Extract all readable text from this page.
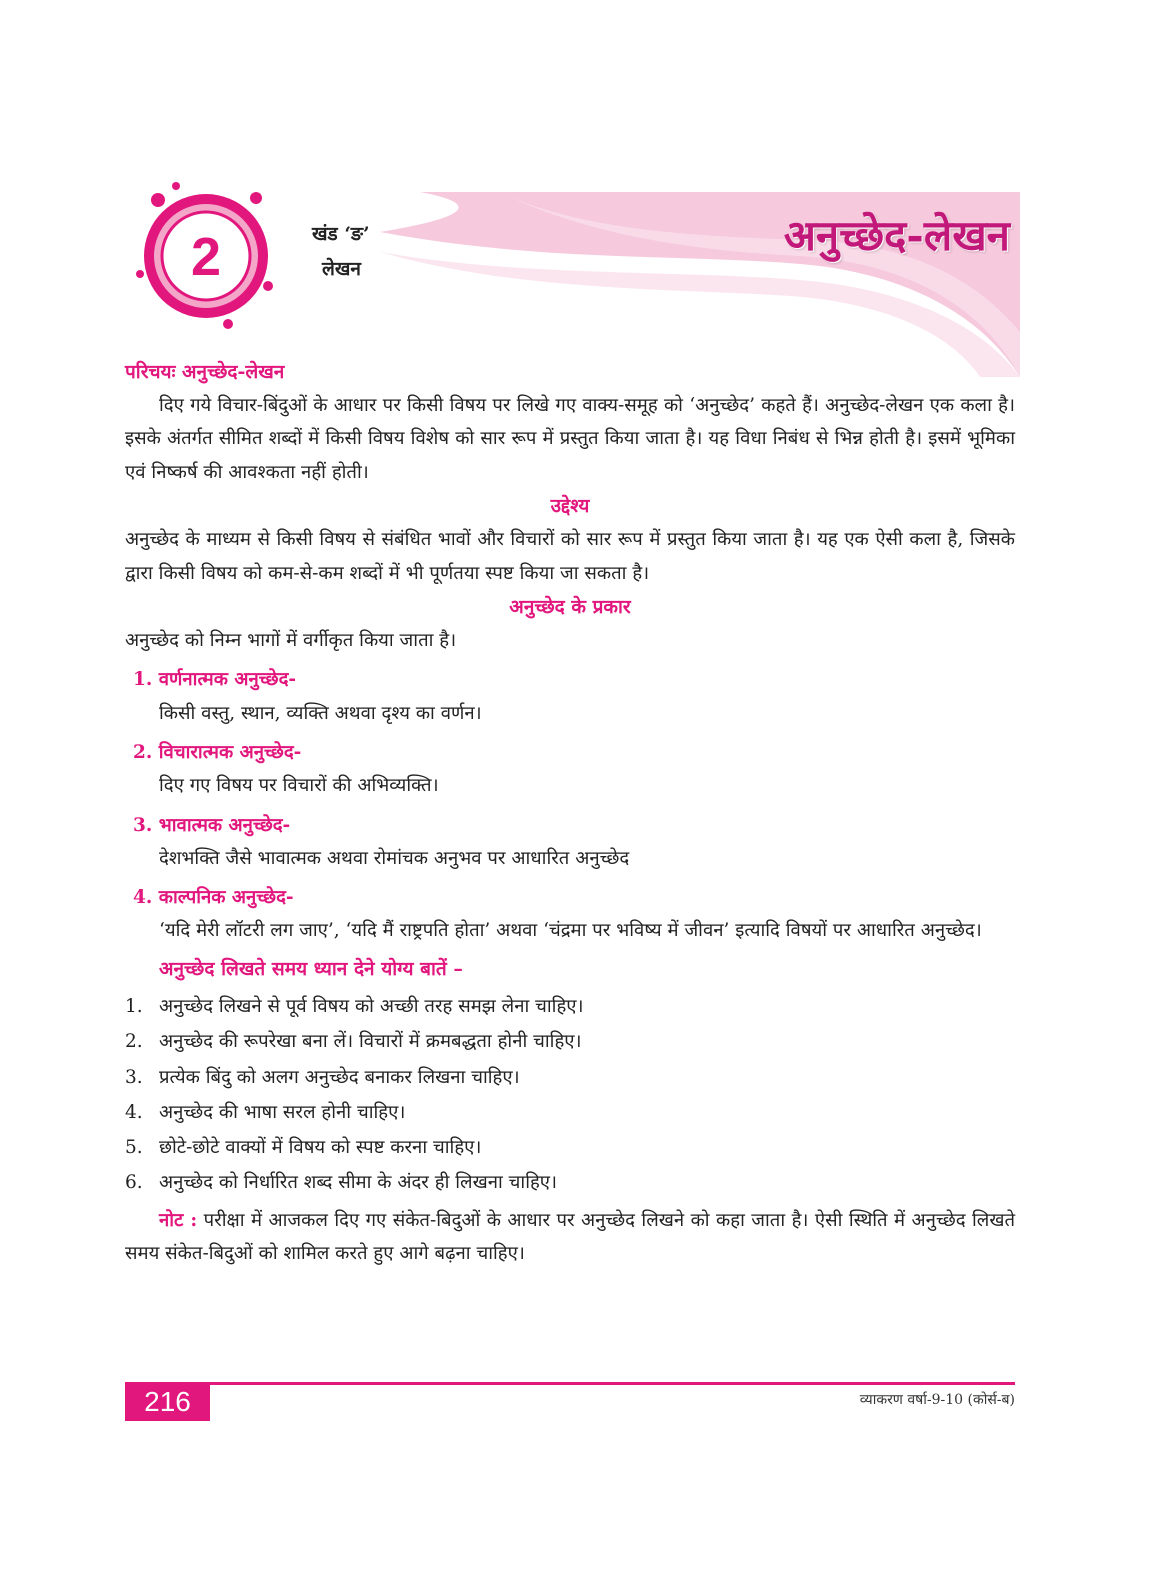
2	खंड ‘ङ’
लेखन
अनुच्छेद-लेखन

परिचयः अनुच्छेद-लेखन

दिए गये विचार-बिंदुओं के आधार पर किसी विषय पर लिखे गए वाक्य-समूह को ‘अनुच्छेद’ कहते हैं। अनुच्छेद-लेखन एक कला है। इसके अंतर्गत सीमित शब्दों में किसी विषय विशेष को सार रूप में प्रस्तुत किया जाता है। यह विधा निबंध से भिन्न होती है। इसमें भूमिका एवं निष्कर्ष की आवश्कता नहीं होती।

उद्देश्य

अनुच्छेद के माध्यम से किसी विषय से संबंधित भावों और विचारों को सार रूप में प्रस्तुत किया जाता है। यह एक ऐसी कला है, जिसके द्वारा किसी विषय को कम-से-कम शब्दों में भी पूर्णतया स्पष्ट किया जा सकता है।

अनुच्छेद के प्रकार

अनुच्छेद को निम्न भागों में वर्गीकृत किया जाता है।

1. वर्णनात्मक अनुच्छेद-

किसी वस्तु, स्थान, व्यक्ति अथवा दृश्य का वर्णन।

2. विचारात्मक अनुच्छेद-

दिए गए विषय पर विचारों की अभिव्यक्ति।

3. भावात्मक अनुच्छेद-

देशभक्ति जैसे भावात्मक अथवा रोमांचक अनुभव पर आधारित अनुच्छेद

4. काल्पनिक अनुच्छेद-

‘यदि मेरी लॉटरी लग जाए’, ‘यदि मैं राष्ट्रपति होता’ अथवा ‘चंद्रमा पर भविष्य में जीवन’ इत्यादि विषयों पर आधारित अनुच्छेद।

अनुच्छेद लिखते समय ध्यान देने योग्य बातें –

1. अनुच्छेद लिखने से पूर्व विषय को अच्छी तरह समझ लेना चाहिए।
2. अनुच्छेद की रूपरेखा बना लें। विचारों में क्रमबद्धता होनी चाहिए।
3. प्रत्येक बिंदु को अलग अनुच्छेद बनाकर लिखना चाहिए।
4. अनुच्छेद की भाषा सरल होनी चाहिए।
5. छोटे-छोटे वाक्यों में विषय को स्पष्ट करना चाहिए।
6. अनुच्छेद को निर्धारित शब्द सीमा के अंदर ही लिखना चाहिए।

नोट : परीक्षा में आजकल दिए गए संकेत-बिदुओं के आधार पर अनुच्छेद लिखने को कहा जाता है। ऐसी स्थिति में अनुच्छेद लिखते समय संकेत-बिदुओं को शामिल करते हुए आगे बढ़ना चाहिए।

216	व्याकरण वर्षा-9-10 (कोर्स-ब)
